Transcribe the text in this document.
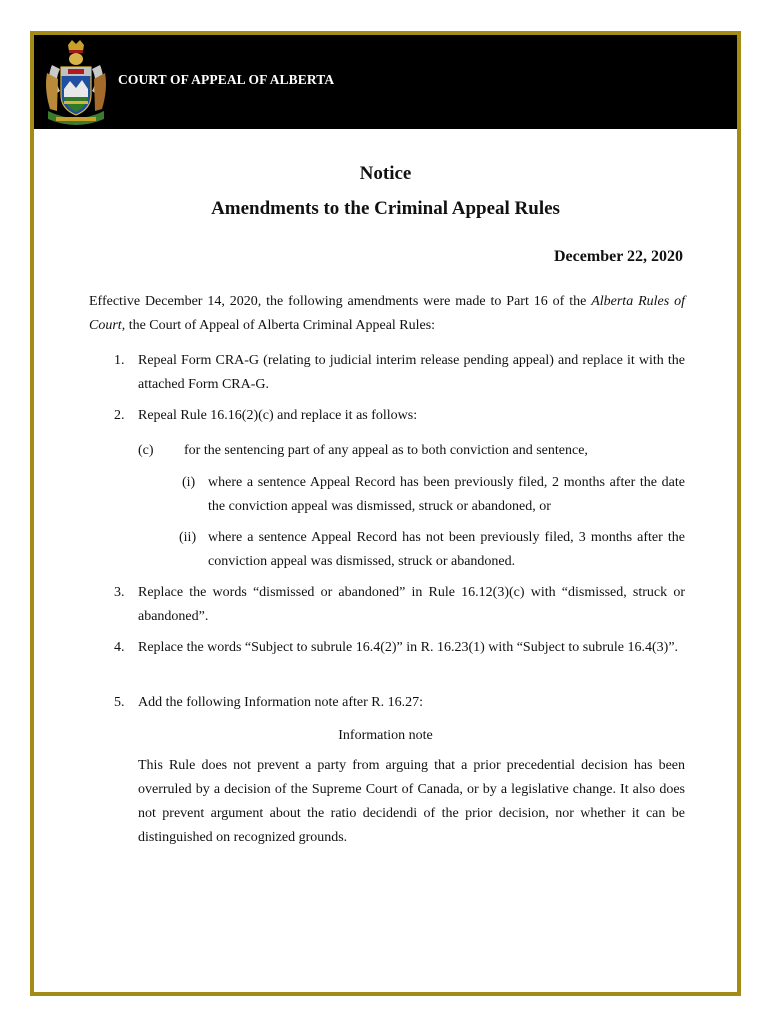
COURT OF APPEAL OF ALBERTA
Notice
Amendments to the Criminal Appeal Rules
December 22, 2020
Effective December 14, 2020, the following amendments were made to Part 16 of the Alberta Rules of Court, the Court of Appeal of Alberta Criminal Appeal Rules:
1. Repeal Form CRA-G (relating to judicial interim release pending appeal) and replace it with the attached Form CRA-G.
2. Repeal Rule 16.16(2)(c) and replace it as follows:
(c) for the sentencing part of any appeal as to both conviction and sentence,
(i) where a sentence Appeal Record has been previously filed, 2 months after the date the conviction appeal was dismissed, struck or abandoned, or
(ii) where a sentence Appeal Record has not been previously filed, 3 months after the conviction appeal was dismissed, struck or abandoned.
3. Replace the words “dismissed or abandoned” in Rule 16.12(3)(c) with “dismissed, struck or abandoned”.
4. Replace the words “Subject to subrule 16.4(2)” in R. 16.23(1) with “Subject to subrule 16.4(3)”.
5. Add the following Information note after R. 16.27:
Information note
This Rule does not prevent a party from arguing that a prior precedential decision has been overruled by a decision of the Supreme Court of Canada, or by a legislative change. It also does not prevent argument about the ratio decidendi of the prior decision, nor whether it can be distinguished on recognized grounds.
